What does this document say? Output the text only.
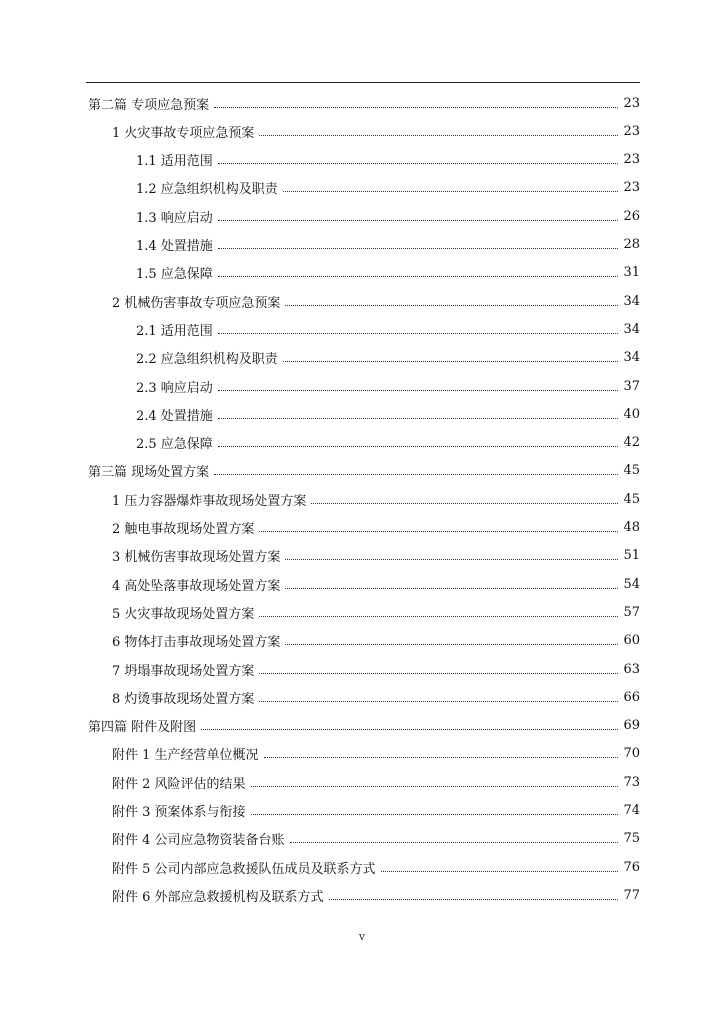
第二篇 专项应急预案	23
1 火灾事故专项应急预案	23
1.1 适用范围	23
1.2 应急组织机构及职责	23
1.3 响应启动	26
1.4 处置措施	28
1.5 应急保障	31
2 机械伤害事故专项应急预案	34
2.1 适用范围	34
2.2 应急组织机构及职责	34
2.3 响应启动	37
2.4 处置措施	40
2.5 应急保障	42
第三篇 现场处置方案	45
1 压力容器爆炸事故现场处置方案	45
2 触电事故现场处置方案	48
3 机械伤害事故现场处置方案	51
4 高处坠落事故现场处置方案	54
5 火灾事故现场处置方案	57
6 物体打击事故现场处置方案	60
7 坍塌事故现场处置方案	63
8 灼烫事故现场处置方案	66
第四篇 附件及附图	69
附件 1 生产经营单位概况	70
附件 2 风险评估的结果	73
附件 3 预案体系与衔接	74
附件 4 公司应急物资装备台账	75
附件 5 公司内部应急救援队伍成员及联系方式	76
附件 6 外部应急救援机构及联系方式	77
v
